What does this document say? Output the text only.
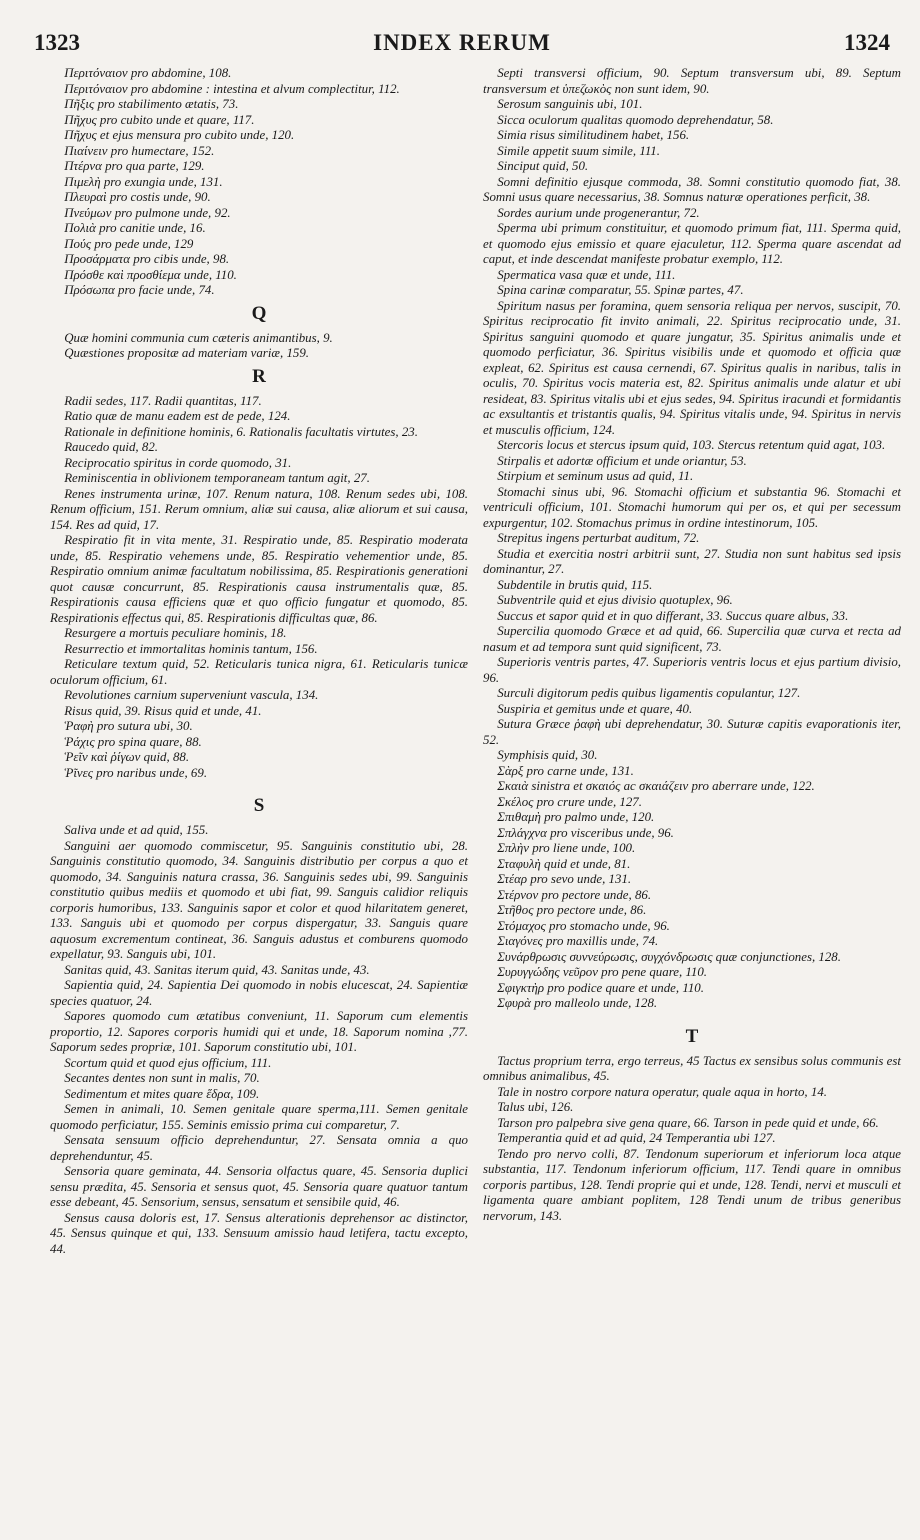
1323	INDEX RERUM	1324

Περιτόναιον pro abdomine, 108.

Περιτόναιον pro abdomine : intestina et alvum complectitur, 112.

Πῆξις pro stabilimento ætatis, 73.

Πῆχυς pro cubito unde et quare, 117.

Πῆχυς et ejus mensura pro cubito unde, 120.

Πιαίνειν pro humectare, 152.

Πτέρνα pro qua parte, 129.

Πιμελὴ pro exungia unde, 131.

Πλευραὶ pro costis unde, 90.

Πνεύμων pro pulmone unde, 92.

Πολιὰ pro canitie unde, 16.

Πούς pro pede unde, 129

Προσάρματα pro cibis unde, 98.

Πρόσθε καὶ προσθίεμα unde, 110.

Πρόσωπα pro facie unde, 74.

Q

Quæ homini communia cum cæteris animantibus, 9.

Quæstiones propositæ ad materiam variæ, 159.

R

Radii sedes, 117. Radii quantitas, 117.

Ratio quæ de manu eadem est de pede, 124.

Rationale in definitione hominis, 6. Rationalis facultatis virtutes, 23.

Raucedo quid, 82.

Reciprocatio spiritus in corde quomodo, 31.

Reminiscentia in oblivionem temporaneam tantum agit, 27.

Renes instrumenta urinæ, 107. Renum natura, 108. Renum sedes ubi, 108. Renum officium, 151. Rerum omnium, aliæ sui causa, aliæ aliorum et sui causa, 154. Res ad quid, 17.

Respiratio fit in vita mente, 31. Respiratio unde, 85. Respiratio moderata unde, 85. Respiratio vehemens unde, 85. Respiratio vehementior unde, 85. Respiratio omnium animæ facultatum nobilissima, 85. Respirationis generationi quot causæ concurrunt, 85. Respirationis causa instrumentalis quæ, 85. Respirationis causa efficiens quæ et quo officio fungatur et quomodo, 85. Respirationis effectus qui, 85. Respirationis difficultas quæ, 86.

Resurgere a mortuis peculiare hominis, 18.

Resurrectio et immortalitas hominis tantum, 156.

Reticulare textum quid, 52. Reticularis tunica nigra, 61. Reticularis tunicæ oculorum officium, 61.

Revolutiones carnium superveniunt vascula, 134.

Risus quid, 39. Risus quid et unde, 41.

Ῥαφὴ pro sutura ubi, 30.

Ῥάχις pro spina quare, 88.

Ῥεῖν καὶ ῥίγων quid, 88.

Ῥῖνες pro naribus unde, 69.

S

Saliva unde et ad quid, 155.

Sanguini aer quomodo commiscetur, 95. Sanguinis constitutio ubi, 28. Sanguinis constitutio quomodo, 34. Sanguinis distributio per corpus a quo et quomodo, 34. Sanguinis natura crassa, 36. Sanguinis sedes ubi, 99. Sanguinis constitutio quibus mediis et quomodo et ubi fiat, 99. Sanguis calidior reliquis corporis humoribus, 133. Sanguinis sapor et color et quod hilaritatem generet, 133. Sanguis ubi et quomodo per corpus dispergatur, 33. Sanguis quare aquosum excrementum contineat, 36. Sanguis adustus et comburens quomodo expellatur, 93. Sanguis ubi, 101.

Sanitas quid, 43. Sanitas iterum quid, 43. Sanitas unde, 43.

Sapientia quid, 24. Sapientia Dei quomodo in nobis elucescat, 24. Sapientiæ species quatuor, 24.

Sapores quomodo cum ætatibus conveniunt, 11. Saporum cum elementis proportio, 12. Sapores corporis humidi qui et unde, 18. Saporum nomina ,77. Saporum sedes propriæ, 101. Saporum constitutio ubi, 101.

Scortum quid et quod ejus officium, 111.

Secantes dentes non sunt in malis, 70.

Sedimentum et mites quare ἕδρα, 109.

Semen in animali, 10. Semen genitale quare sperma,111. Semen genitale quomodo perficiatur, 155. Seminis emissio prima cui comparetur, 7.

Sensata sensuum officio deprehenduntur, 27. Sensata omnia a quo deprehenduntur, 45.

Sensoria quare geminata, 44. Sensoria olfactus quare, 45. Sensoria duplici sensu prædita, 45. Sensoria et sensus quot, 45. Sensoria quare quatuor tantum esse debeant, 45. Sensorium, sensus, sensatum et sensibile quid, 46.

Sensus causa doloris est, 17. Sensus alterationis deprehensor ac distinctor, 45. Sensus quinque et qui, 133. Sensuum amissio haud letifera, tactu excepto, 44.

Septi transversi officium, 90. Septum transversum ubi, 89. Septum transversum et ὑπεζωκὸς non sunt idem, 90.

Serosum sanguinis ubi, 101.

Sicca oculorum qualitas quomodo deprehendatur, 58.

Simia risus similitudinem habet, 156.

Simile appetit suum simile, 111.

Sinciput quid, 50.

Somni definitio ejusque commoda, 38. Somni constitutio quomodo fiat, 38. Somni usus quare necessarius, 38. Somnus naturæ operationes perficit, 38.

Sordes aurium unde progenerantur, 72.

Sperma ubi primum constituitur, et quomodo primum fiat, 111. Sperma quid, et quomodo ejus emissio et quare ejaculetur, 112. Sperma quare ascendat ad caput, et inde descendat manifeste probatur exemplo, 112.

Spermatica vasa quæ et unde, 111.

Spina carinæ comparatur, 55. Spinæ partes, 47.

Spiritum nasus per foramina, quem sensoria reliqua per nervos, suscipit, 70. Spiritus reciprocatio fit invito animali, 22. Spiritus reciprocatio unde, 31. Spiritus sanguini quomodo et quare jungatur, 35. Spiritus animalis unde et quomodo perficiatur, 36. Spiritus visibilis unde et quomodo et officia quæ expleat, 62. Spiritus est causa cernendi, 67. Spiritus qualis in naribus, talis in oculis, 70. Spiritus vocis materia est, 82. Spiritus animalis unde alatur et ubi resideat, 83. Spiritus vitalis ubi et ejus sedes, 94. Spiritus iracundi et formidantis ac exsultantis et tristantis qualis, 94. Spiritus vitalis unde, 94. Spiritus in nervis et musculis officium, 124.

Stercoris locus et stercus ipsum quid, 103. Stercus retentum quid agat, 103.

Stirpalis et adortæ officium et unde oriantur, 53.

Stirpium et seminum usus ad quid, 11.

Stomachi sinus ubi, 96. Stomachi officium et substantia 96. Stomachi et ventriculi officium, 101. Stomachi humorum qui per os, et qui per secessum expurgentur, 102. Stomachus primus in ordine intestinorum, 105.

Strepitus ingens perturbat auditum, 72.

Studia et exercitia nostri arbitrii sunt, 27. Studia non sunt habitus sed ipsis dominantur, 27.

Subdentile in brutis quid, 115.

Subventrile quid et ejus divisio quotuplex, 96.

Succus et sapor quid et in quo differant, 33. Succus quare albus, 33.

Supercilia quomodo Græce et ad quid, 66. Supercilia quæ curva et recta ad nasum et ad tempora sunt quid significent, 73.

Superioris ventris partes, 47. Superioris ventris locus et ejus partium divisio, 96.

Surculi digitorum pedis quibus ligamentis copulantur, 127.

Suspiria et gemitus unde et quare, 40.

Sutura Græce ῥαφὴ ubi deprehendatur, 30. Suturæ capitis evaporationis iter, 52.

Symphisis quid, 30.

Σὰρξ pro carne unde, 131.

Σκαιὰ sinistra et σκαιός ac σκαιάζειν pro aberrare unde, 122.

Σκέλος pro crure unde, 127.

Σπιθαμὴ pro palmo unde, 120.

Σπλάγχνα pro visceribus unde, 96.

Σπλὴν pro liene unde, 100.

Σταφυλὴ quid et unde, 81.

Στέαρ pro sevo unde, 131.

Στέρνον pro pectore unde, 86.

Στῆθος pro pectore unde, 86.

Στόμαχος pro stomacho unde, 96.

Σιαγόνες pro maxillis unde, 74.

Συνάρθρωσις συννεύρωσις, συγχόνδρωσις quæ conjunctiones, 128.

Συρυγγώδης νεῦρον pro pene quare, 110.

Σφιγκτὴρ pro podice quare et unde, 110.

Σφυρὰ pro malleolo unde, 128.

T

Tactus proprium terra, ergo terreus, 45 Tactus ex sensibus solus communis est omnibus animalibus, 45.

Tale in nostro corpore natura operatur, quale aqua in horto, 14.

Talus ubi, 126.

Tarson pro palpebra sive gena quare, 66. Tarson in pede quid et unde, 66.

Temperantia quid et ad quid, 24 Temperantia ubi 127.

Tendo pro nervo colli, 87. Tendonum superiorum et inferiorum loca atque substantia, 117. Tendonum inferiorum officium, 117. Tendi quare in omnibus corporis partibus, 128. Tendi proprie qui et unde, 128. Tendi, nervi et musculi et ligamenta quare ambiant poplitem, 128 Tendi unum de tribus generibus nervorum, 143.
